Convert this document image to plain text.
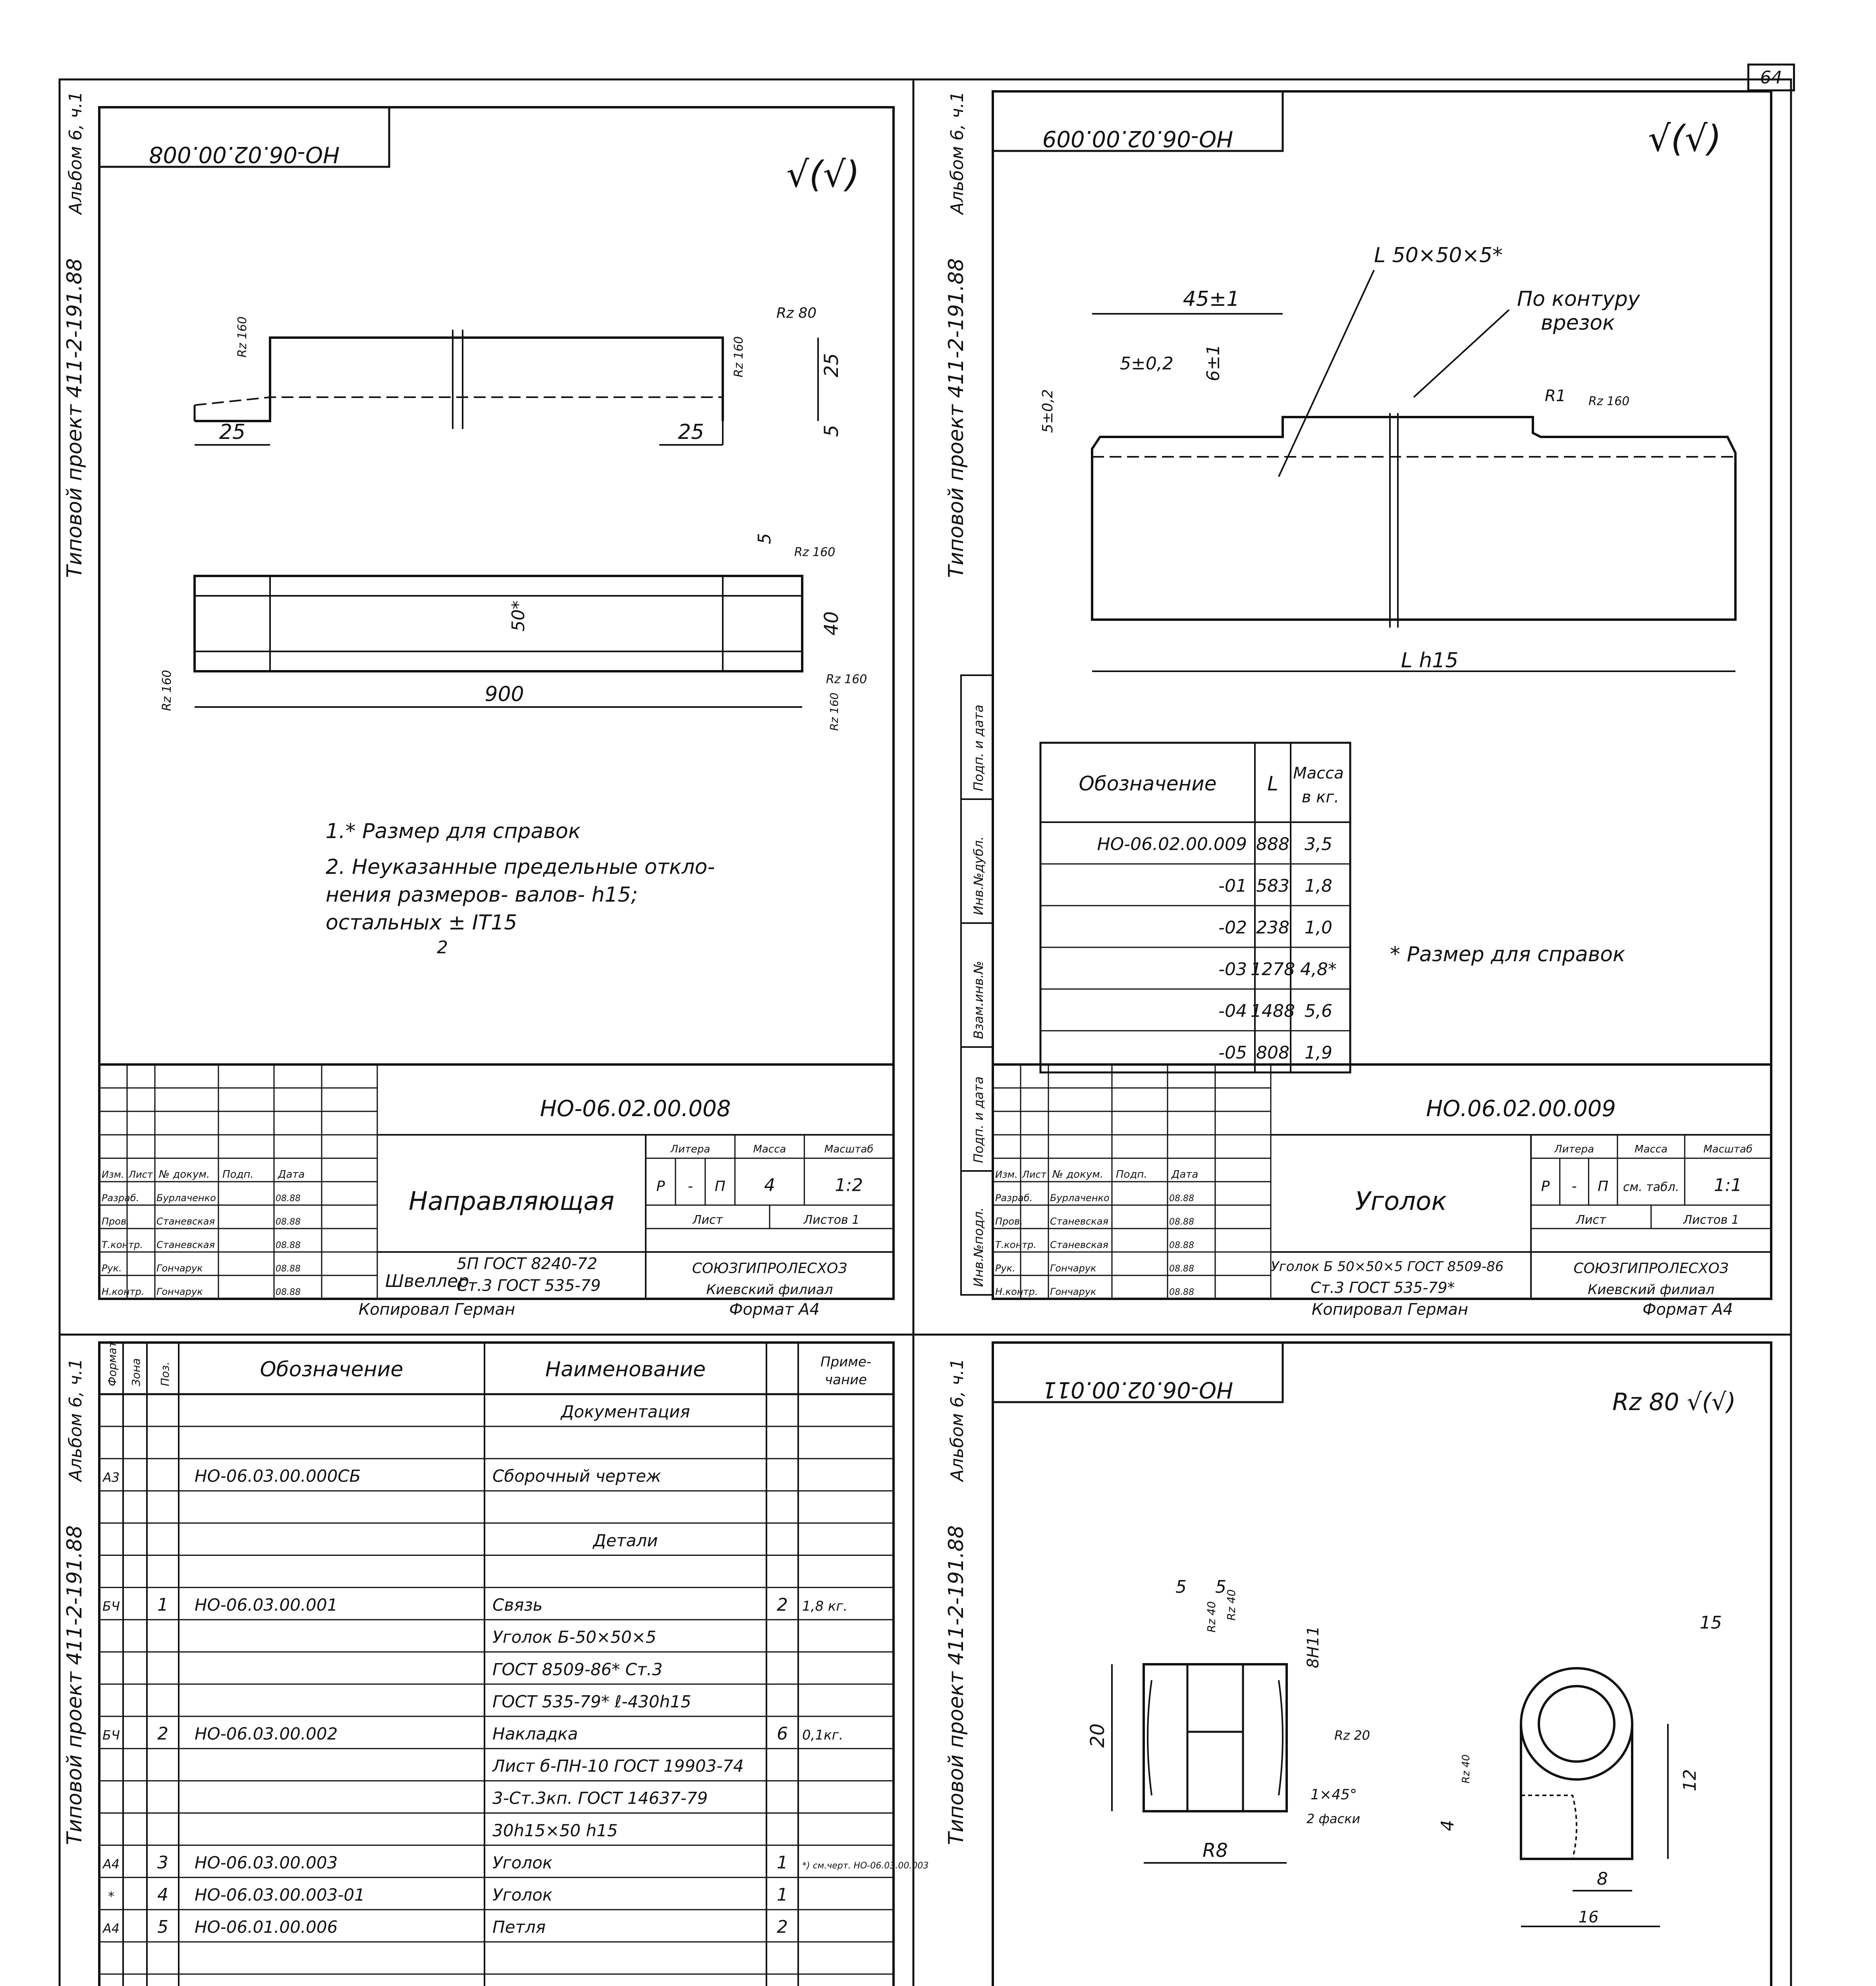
64
Альбом 6, ч.1
Типовой проект 411-2-191.88
Альбом 6, ч.1
Типовой проект 411-2-191.88
Альбом 6, ч.1
Типовой проект 411-2-191.88
Альбом 6, ч.1
Типовой проект 411-2-191.88
Инв.№подл.
Подп. и дата
Взам.инв.№
Инв.№дубл.
Подп. и дата
НО-06.02.00.008	√(√)
25	25
25
5
Rz 80
Rz 160
Rz 160
900
50*
5
40
Rz 160
Rz 160
Rz 160
Rz 160
1.* Размер для справок
2. Неуказанные предельные откло-
нения размеров- валов- h15;
остальных ± IT15
2
Изм. Лист № докум. Подп. Дата
Разраб. Бурлаченко	08.88
Пров.	Станевская	08.88
Т.контр. Станевская	08.88
Рук.	Гончарук	08.88
Н.контр. Гончарук	08.88
НО-06.02.00.008
Направляющая
Литера	Масса	Масштаб
Р - П 4	1:2
Лист	Листов 1
СОЮЗГИПРОЛЕСХОЗ
Киевский филиал
Швеллер
5П ГОСТ 8240-72
Ст.3 ГОСТ 535-79
Копировал Герман	Формат А4
НО-06.02.00.009	√(√)
L h15
45±1
5±0,2 6±1
5±0,2	R1 Rz 160
L 50×50×5*
По контуру
врезок
Обозначение	L Масса
в кг.
НО-06.02.00.009 888 3,5
-01 583 1,8
-02 238 1,0
-03 1278 4,8*
-04 1488 5,6
-05 808 1,9
* Размер для справок
Изм. Лист № докум. Подп. Дата
Разраб. Бурлаченко	08.88
Пров.	Станевская	08.88
Т.контр. Станевская	08.88
Рук.	Гончарук	08.88
Н.контр. Гончарук	08.88
НО.06.02.00.009
Уголок
Литера	Масса	Масштаб
Р - П см. табл. 1:1
Лист	Листов 1
СОЮЗГИПРОЛЕСХОЗ
Киевский филиал
Уголок Б 50×50×5 ГОСТ 8509-86
Ст.3 ГОСТ 535-79*
Копировал Герман	Формат А4
Формат Зона Поз.	Обозначение	Наименование	Приме-
чание
Документация
А3	НО-06.03.00.000СБ	Сборочный чертеж
Детали
БЧ 1 НО-06.03.00.001	Связь	2 1,8 кг.
Уголок Б-50×50×5
ГОСТ 8509-86* Ст.3
ГОСТ 535-79* ℓ-430h15
БЧ 2 НО-06.03.00.002	Накладка	6 0,1кг.
Лист б-ПН-10 ГОСТ 19903-74
3-Ст.3кп. ГОСТ 14637-79
30h15×50 h15
А4 3 НО-06.03.00.003	Уголок	1 *) см.черт. НО-06.03.00.003
* 4 НО-06.03.00.003-01	Уголок	1
А4 5 НО-06.01.00.006	Петля	2
НО-06.02.00.011	Rz 80 √(√)
R8
20
5 5
Rz 40 Rz 40
8H11
Rz 20
1×45°
2 фаски
16
8
12
4
15
Rz 40
